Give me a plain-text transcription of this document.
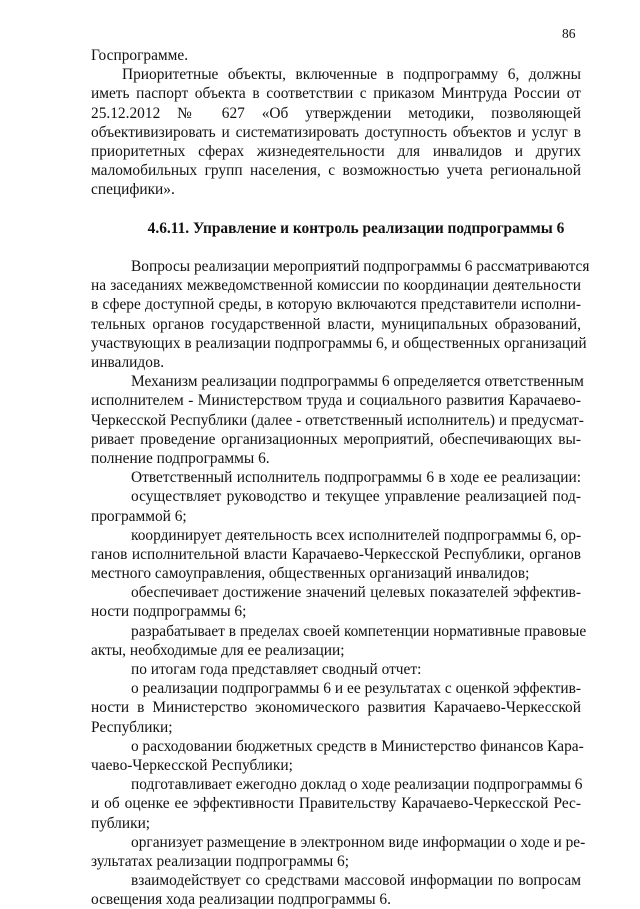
86
Госпрограмме.
Приоритетные объекты, включенные в подпрограмму 6, должны
иметь паспорт объекта в соответствии с приказом Минтруда России от
25.12.2012 № 627 «Об утверждении методики, позволяющей
объективизировать и систематизировать доступность объектов и услуг в
приоритетных сферах жизнедеятельности для инвалидов и других
маломобильных групп населения, с возможностью учета региональной
специфики».
4.6.11. Управление и контроль реализации подпрограммы 6
Вопросы реализации мероприятий подпрограммы 6 рассматриваются
на заседаниях межведомственной комиссии по координации деятельности
в сфере доступной среды, в которую включаются представители исполни-
тельных органов государственной власти, муниципальных образований,
участвующих в реализации подпрограммы 6, и общественных организаций
инвалидов.
Механизм реализации подпрограммы 6 определяется ответственным
исполнителем - Министерством труда и социального развития Карачаево-
Черкесской Республики (далее - ответственный исполнитель) и предусмат-
ривает проведение организационных мероприятий, обеспечивающих вы-
полнение подпрограммы 6.
Ответственный исполнитель подпрограммы 6 в ходе ее реализации:
осуществляет руководство и текущее управление реализацией под-
программой 6;
координирует деятельность всех исполнителей подпрограммы 6, ор-
ганов исполнительной власти Карачаево-Черкесской Республики, органов
местного самоуправления, общественных организаций инвалидов;
обеспечивает достижение значений целевых показателей эффектив-
ности подпрограммы 6;
разрабатывает в пределах своей компетенции нормативные правовые
акты, необходимые для ее реализации;
по итогам года представляет сводный отчет:
о реализации подпрограммы 6 и ее результатах с оценкой эффектив-
ности в Министерство экономического развития Карачаево-Черкесской
Республики;
о расходовании бюджетных средств в Министерство финансов Кара-
чаево-Черкесской Республики;
подготавливает ежегодно доклад о ходе реализации подпрограммы 6
и об оценке ее эффективности Правительству Карачаево-Черкесской Рес-
публики;
организует размещение в электронном виде информации о ходе и ре-
зультатах реализации подпрограммы 6;
взаимодействует со средствами массовой информации по вопросам
освещения хода реализации подпрограммы 6.
